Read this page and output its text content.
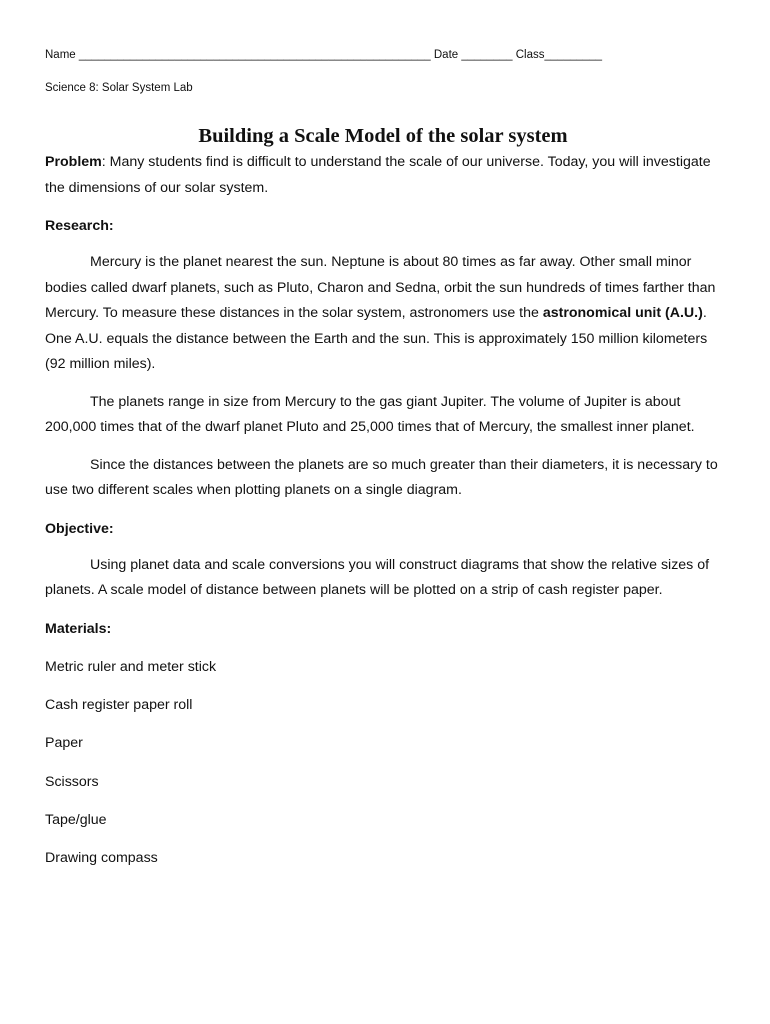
Name _______________________________________________________ Date ________ Class_________
Science 8: Solar System Lab
Building a Scale Model of the solar system

Problem: Many students find is difficult to understand the scale of our universe. Today, you will investigate the dimensions of our solar system.

Research:

Mercury is the planet nearest the sun. Neptune is about 80 times as far away. Other small minor bodies called dwarf planets, such as Pluto, Charon and Sedna, orbit the sun hundreds of times farther than Mercury. To measure these distances in the solar system, astronomers use the astronomical unit (A.U.). One A.U. equals the distance between the Earth and the sun. This is approximately 150 million kilometers (92 million miles).

The planets range in size from Mercury to the gas giant Jupiter. The volume of Jupiter is about 200,000 times that of the dwarf planet Pluto and 25,000 times that of Mercury, the smallest inner planet.

Since the distances between the planets are so much greater than their diameters, it is necessary to use two different scales when plotting planets on a single diagram.

Objective:

Using planet data and scale conversions you will construct diagrams that show the relative sizes of planets. A scale model of distance between planets will be plotted on a strip of cash register paper.

Materials:
Metric ruler and meter stick
Cash register paper roll
Paper
Scissors
Tape/glue
Drawing compass
